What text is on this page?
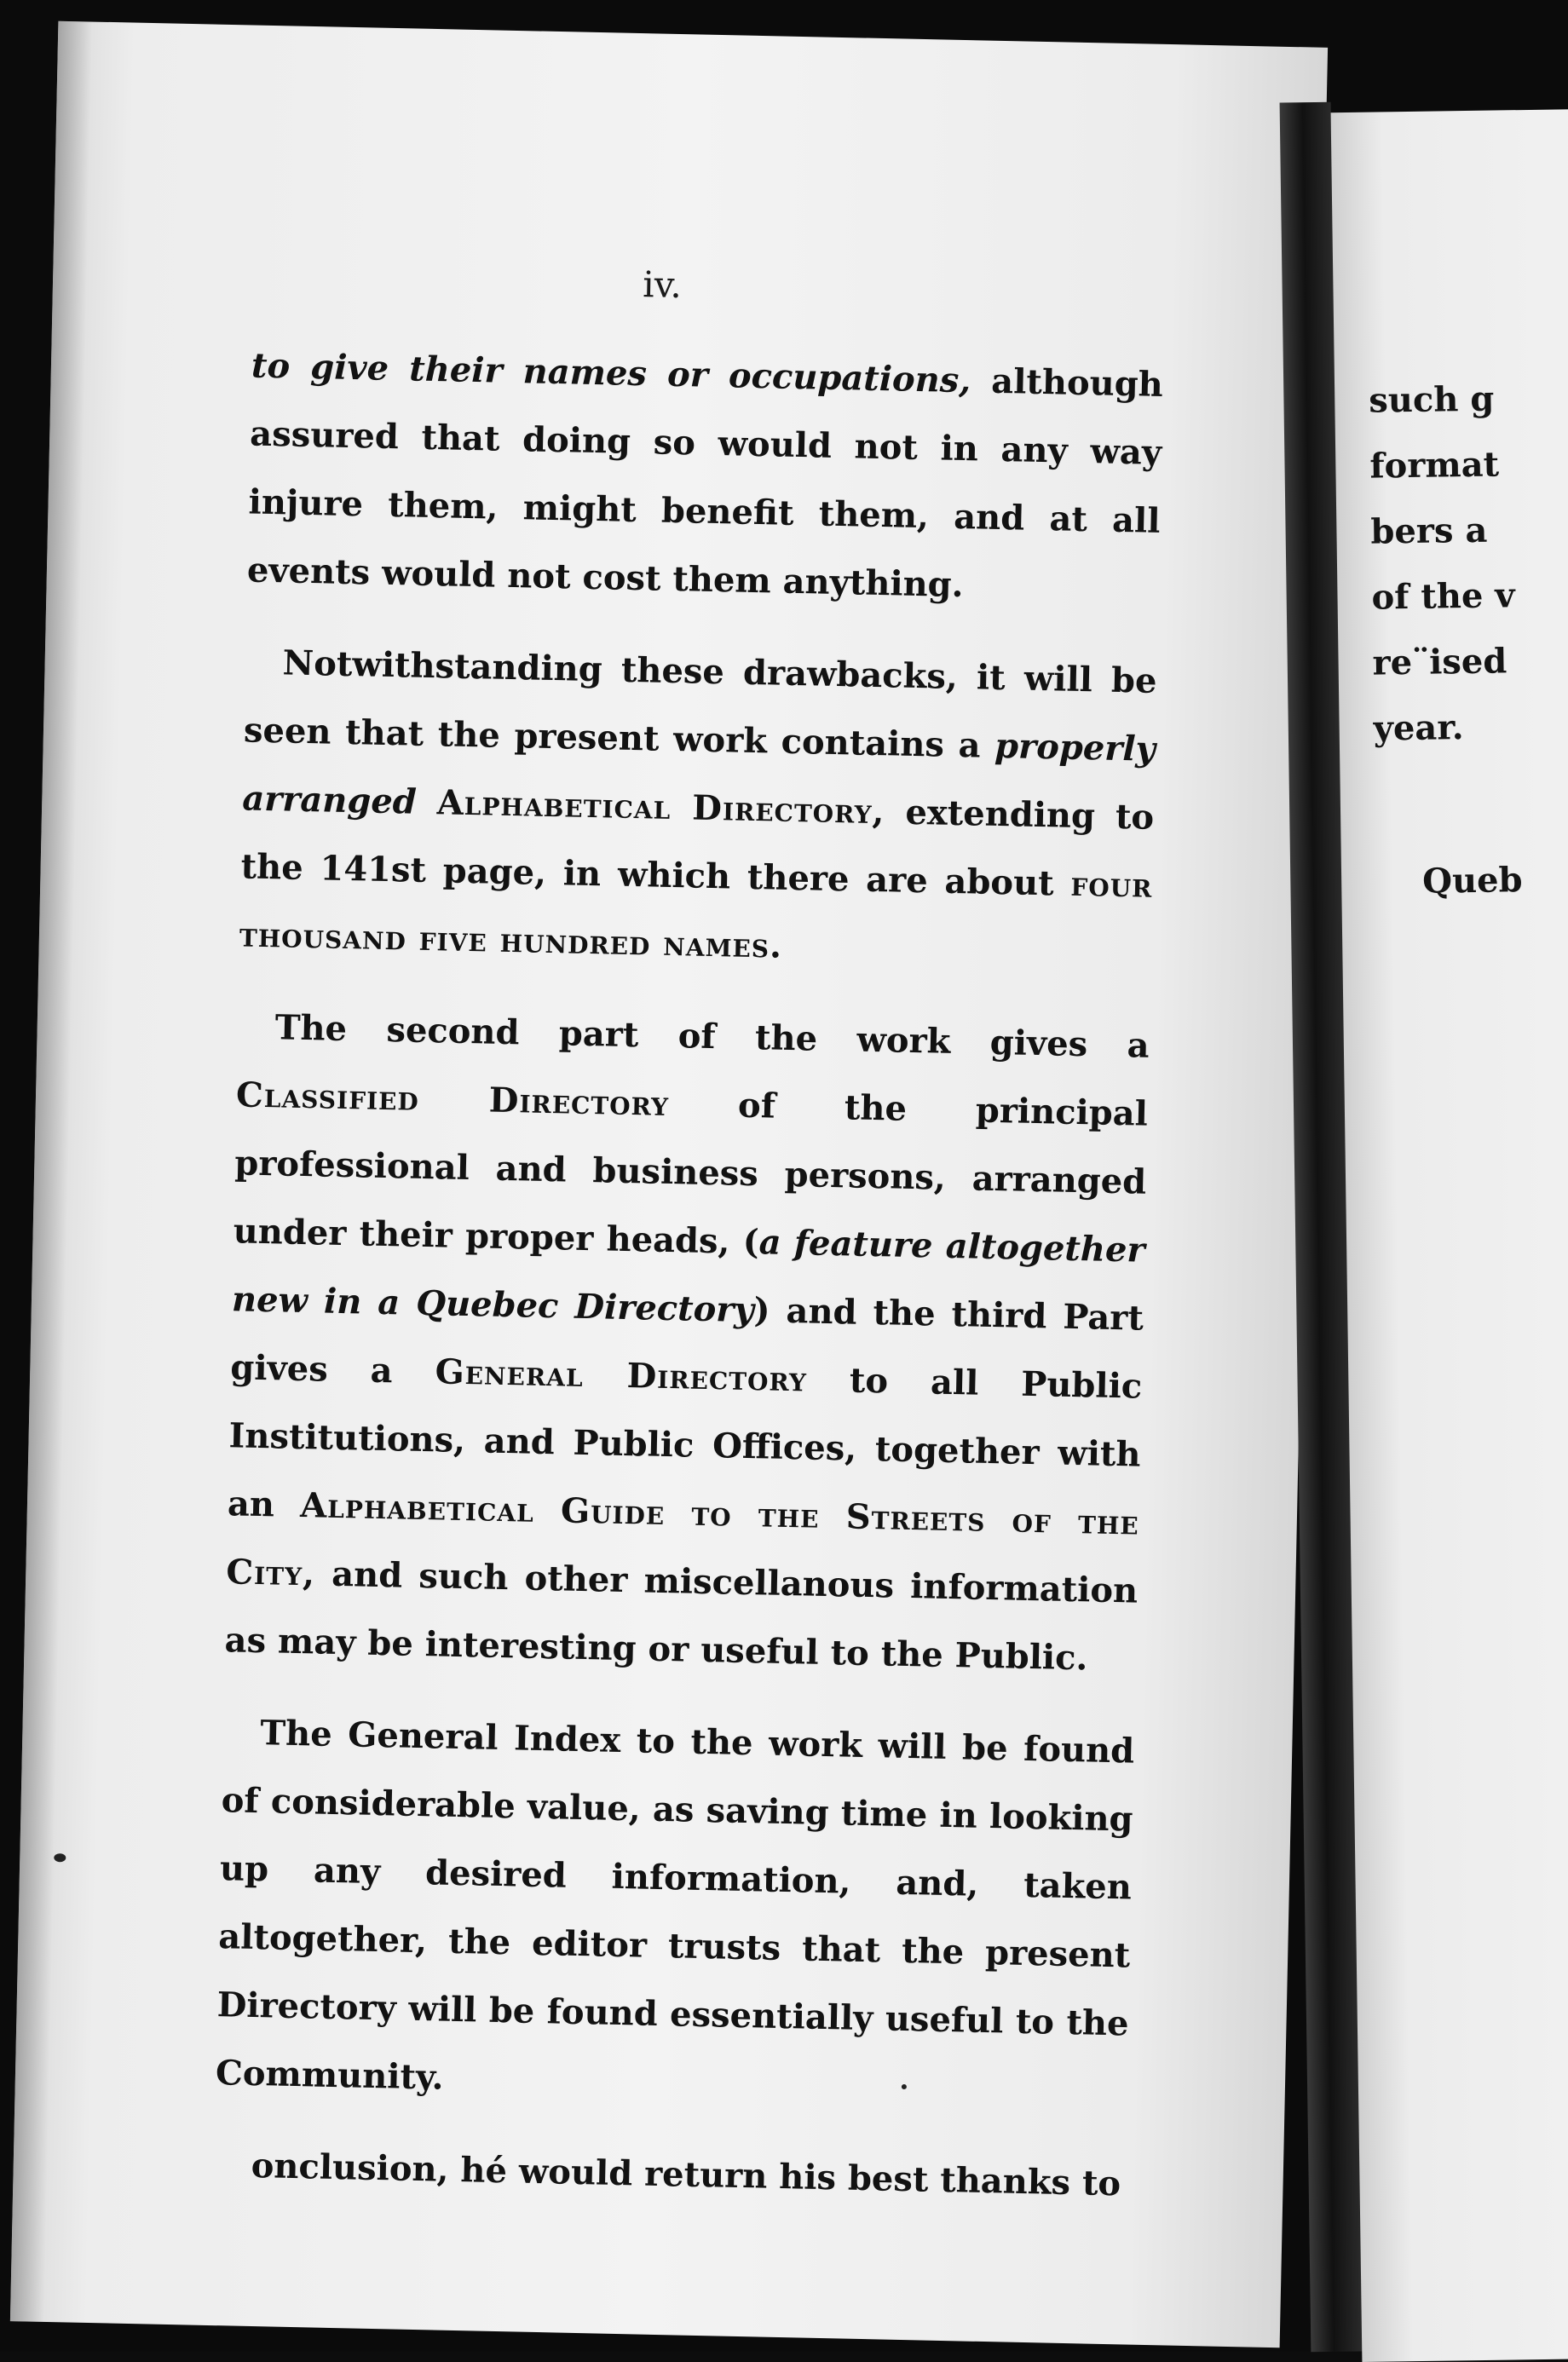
iv.

to give their names or occupations, although assured that doing so would not in any way injure them, might benefit them, and at all events would not cost them anything.

Notwithstanding these drawbacks, it will be seen that the present work contains a properly arranged Alphabetical Directory, extending to the 141st page, in which there are about four thousand five hundred names.

The second part of the work gives a Classified Directory of the principal professional and business persons, arranged under their proper heads, (a feature altogether new in a Quebec Directory) and the third Part gives a General Directory to all Public Institutions, and Public Offices, together with an Alphabetical Guide to the Streets of the City, and such other miscellanous information as may be interesting or useful to the Public.

The General Index to the work will be found of considerable value, as saving time in looking up any desired information, and, taken altogether, the editor trusts that the present Directory will be found essentially useful to the Community.

onclusion, hé would return his best thanks to

such g
format
bers a
of the v
re¨ised
year.
Queb
